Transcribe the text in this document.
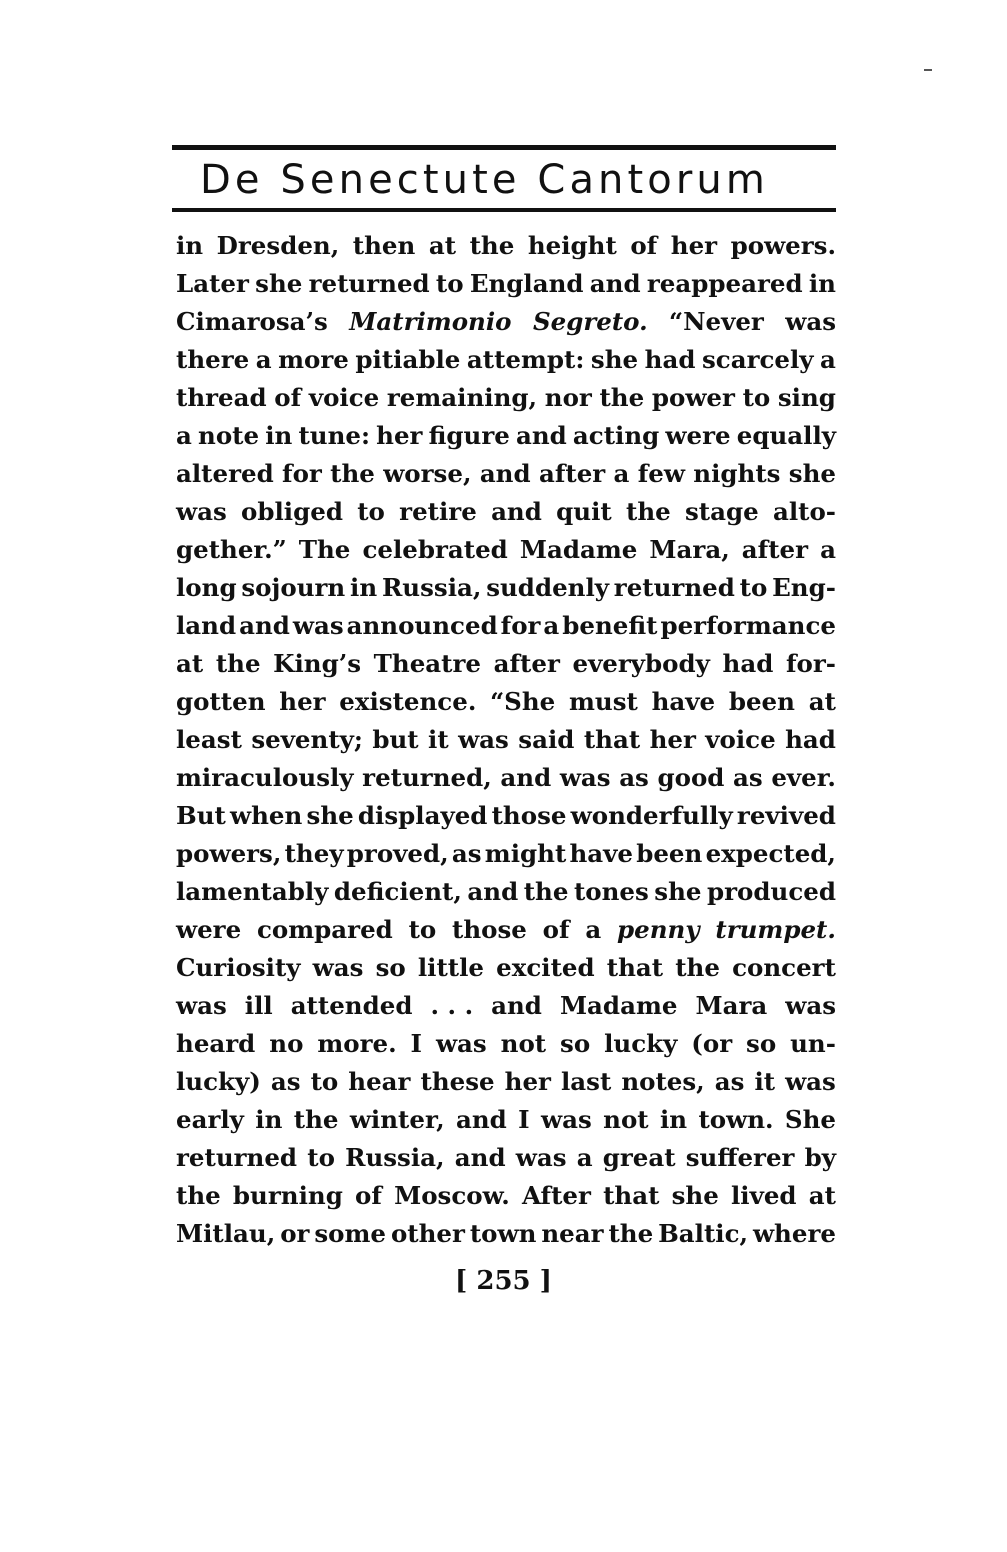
De Senectute Cantorum
in Dresden, then at the height of her powers.
Later she returned to England and reappeared in
Cimarosa’s Matrimonio Segreto. “Never was
there a more pitiable attempt: she had scarcely a
thread of voice remaining, nor the power to sing
a note in tune: her figure and acting were equally
altered for the worse, and after a few nights she
was obliged to retire and quit the stage alto-
gether.” The celebrated Madame Mara, after a
long sojourn in Russia, suddenly returned to Eng-
land and was announced for a benefit performance
at the King’s Theatre after everybody had for-
gotten her existence. “She must have been at
least seventy; but it was said that her voice had
miraculously returned, and was as good as ever.
But when she displayed those wonderfully revived
powers, they proved, as might have been expected,
lamentably deficient, and the tones she produced
were compared to those of a penny trumpet.
Curiosity was so little excited that the concert
was ill attended . . . and Madame Mara was
heard no more. I was not so lucky (or so un-
lucky) as to hear these her last notes, as it was
early in the winter, and I was not in town. She
returned to Russia, and was a great sufferer by
the burning of Moscow. After that she lived at
Mitlau, or some other town near the Baltic, where
[ 255 ]
